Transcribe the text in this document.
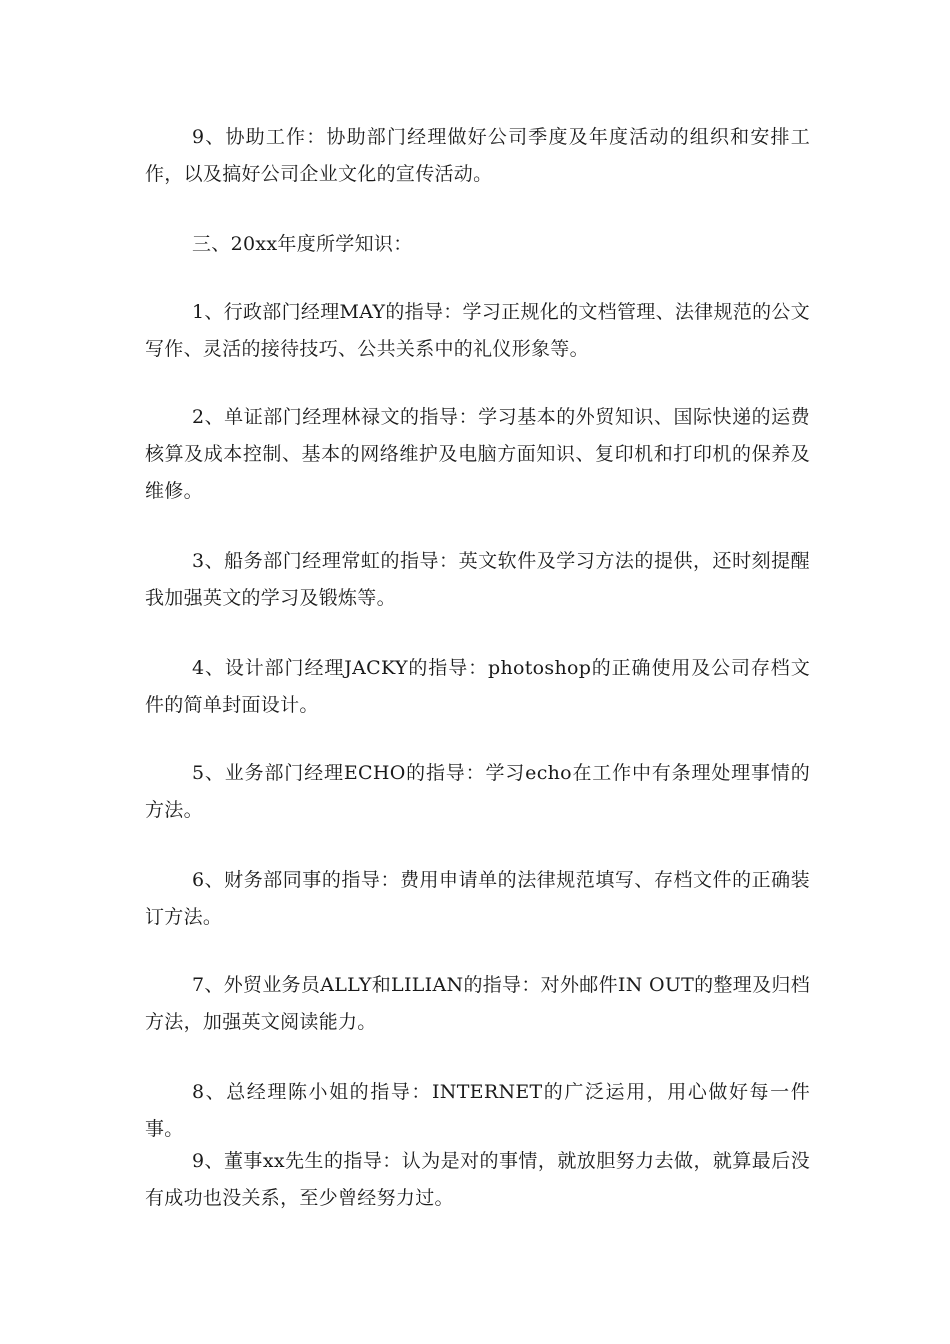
9、协助工作：协助部门经理做好公司季度及年度活动的组织和安排工作，以及搞好公司企业文化的宣传活动。

三、20xx年度所学知识：

1、行政部门经理MAY的指导：学习正规化的文档管理、法律规范的公文写作、灵活的接待技巧、公共关系中的礼仪形象等。

2、单证部门经理林禄文的指导：学习基本的外贸知识、国际快递的运费核算及成本控制、基本的网络维护及电脑方面知识、复印机和打印机的保养及维修。

3、船务部门经理常虹的指导：英文软件及学习方法的提供，还时刻提醒我加强英文的学习及锻炼等。

4、设计部门经理JACKY的指导：photoshop的正确使用及公司存档文件的简单封面设计。

5、业务部门经理ECHO的指导：学习echo在工作中有条理处理事情的方法。

6、财务部同事的指导：费用申请单的法律规范填写、存档文件的正确装订方法。

7、外贸业务员ALLY和LILIAN的指导：对外邮件IN OUT的整理及归档方法，加强英文阅读能力。

8、总经理陈小姐的指导：INTERNET的广泛运用，用心做好每一件事。

9、董事xx先生的指导：认为是对的事情，就放胆努力去做，就算最后没有成功也没关系，至少曾经努力过。
